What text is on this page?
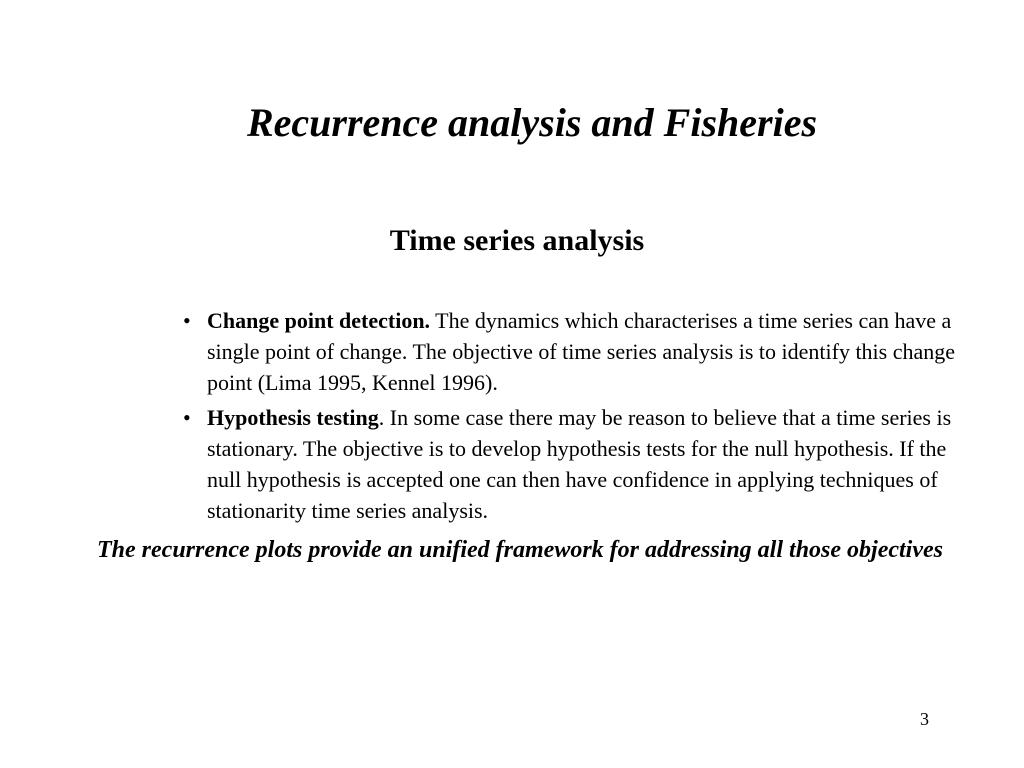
Recurrence analysis and Fisheries
Time series analysis
• Change point detection. The dynamics which characterises a time series can have a single point of change. The objective of time series analysis is to identify this change point (Lima 1995, Kennel 1996).
• Hypothesis testing. In some case there may be reason to believe that a time series is stationary. The objective is to develop hypothesis tests for the null hypothesis. If the null hypothesis is accepted one can then have confidence in applying techniques of stationarity time series analysis.

The recurrence plots provide an unified framework for addressing all those objectives

3
